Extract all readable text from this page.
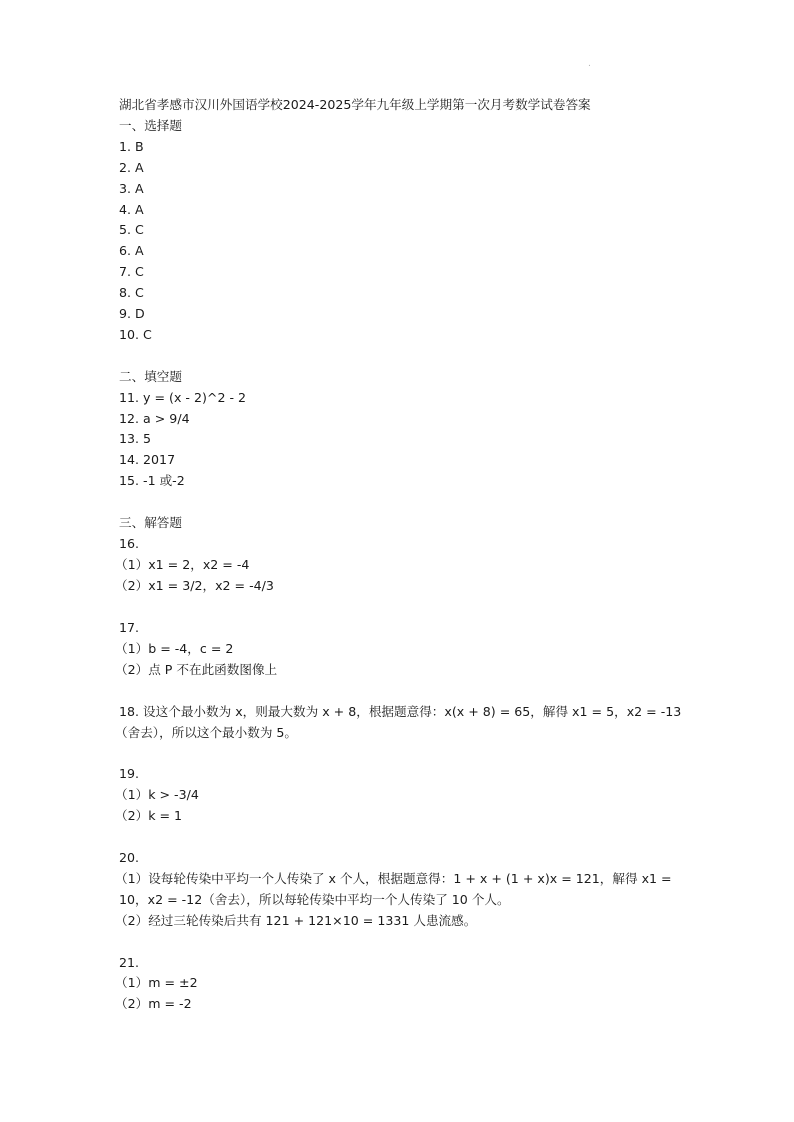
.

湖北省孝感市汉川外国语学校2024-2025学年九年级上学期第一次月考数学试卷答案

一、选择题

1. B

2. A

3. A

4. A

5. C

6. A

7. C

8. C

9. D

10. C

二、填空题

11. y = (x - 2)^2 - 2

12. a > 9/4

13. 5

14. 2017

15. -1 或-2

三、解答题

16.

（1）x1 = 2，x2 = -4

（2）x1 = 3/2，x2 = -4/3

17.

（1）b = -4，c = 2

（2）点 P 不在此函数图像上

18. 设这个最小数为 x，则最大数为 x + 8，根据题意得：x(x + 8) = 65，解得 x1 = 5，x2 = -13

（舍去），所以这个最小数为 5。

19.

（1）k > -3/4

（2）k = 1

20.

（1）设每轮传染中平均一个人传染了 x 个人，根据题意得：1 + x + (1 + x)x = 121，解得 x1 =

10，x2 = -12（舍去），所以每轮传染中平均一个人传染了 10 个人。

（2）经过三轮传染后共有 121 + 121×10 = 1331 人患流感。

21.

（1）m = ±2

（2）m = -2
